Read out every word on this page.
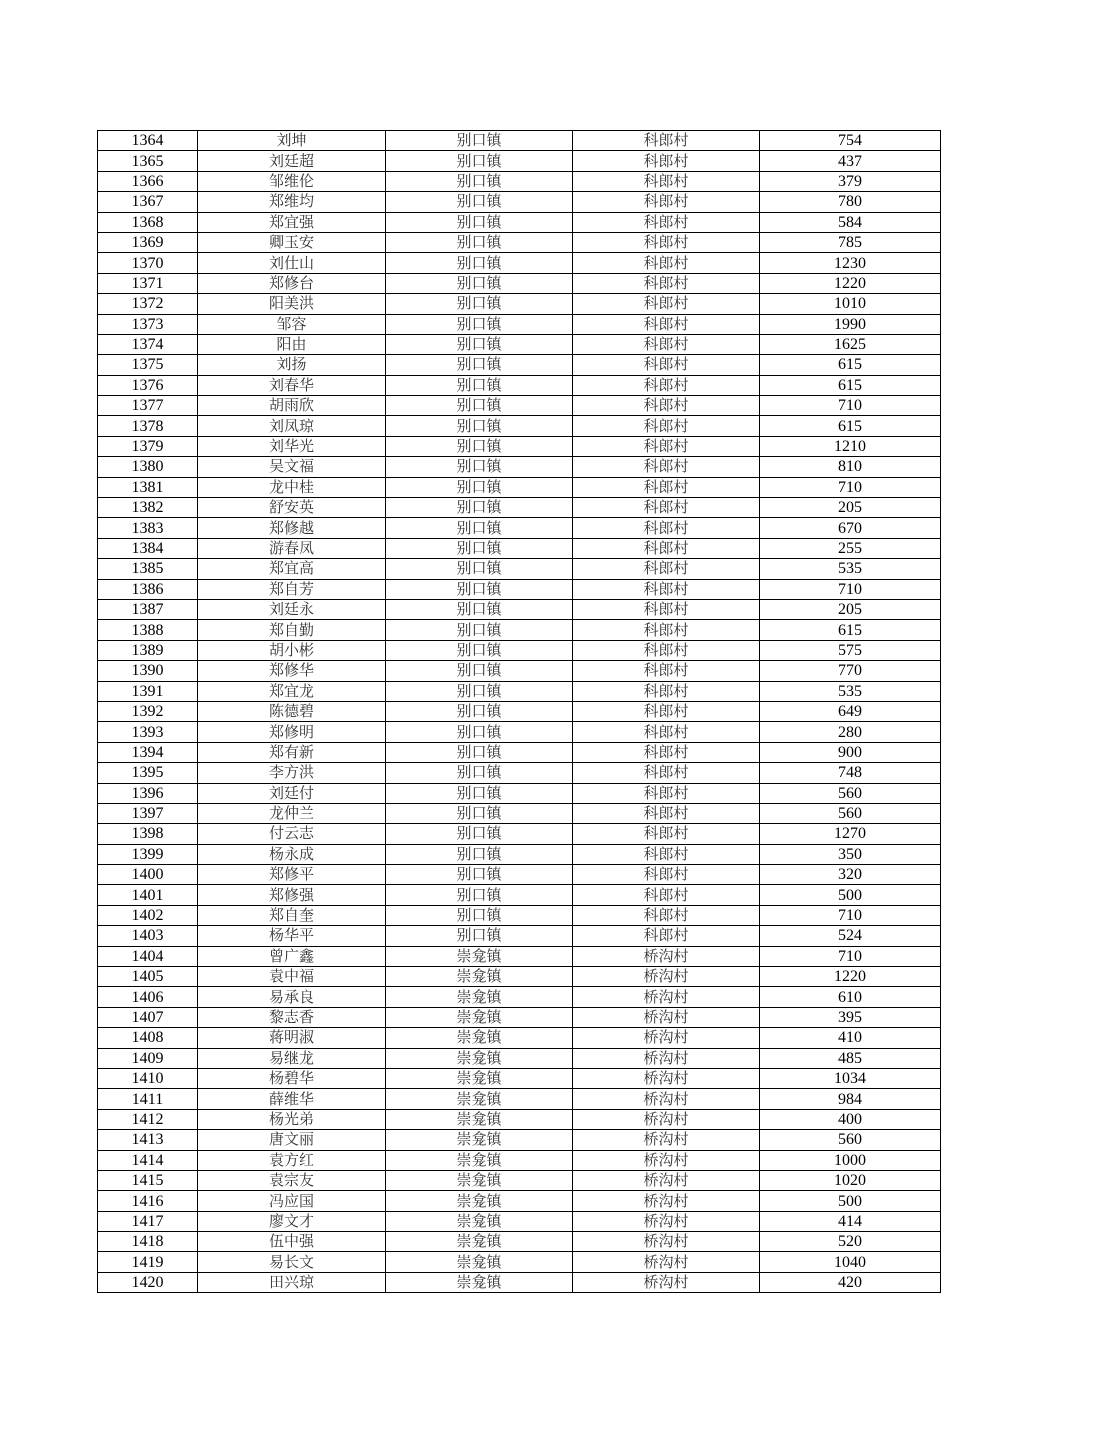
1364	刘坤	别口镇	科郎村	754
1365	刘廷超	别口镇	科郎村	437
1366	邹维伦	别口镇	科郎村	379
1367	郑维均	别口镇	科郎村	780
1368	郑宜强	别口镇	科郎村	584
1369	卿玉安	别口镇	科郎村	785
1370	刘仕山	别口镇	科郎村	1230
1371	郑修台	别口镇	科郎村	1220
1372	阳美洪	别口镇	科郎村	1010
1373	邹容	别口镇	科郎村	1990
1374	阳由	别口镇	科郎村	1625
1375	刘扬	别口镇	科郎村	615
1376	刘春华	别口镇	科郎村	615
1377	胡雨欣	别口镇	科郎村	710
1378	刘凤琼	别口镇	科郎村	615
1379	刘华光	别口镇	科郎村	1210
1380	吴文福	别口镇	科郎村	810
1381	龙中桂	别口镇	科郎村	710
1382	舒安英	别口镇	科郎村	205
1383	郑修越	别口镇	科郎村	670
1384	游春凤	别口镇	科郎村	255
1385	郑宜高	别口镇	科郎村	535
1386	郑自芳	别口镇	科郎村	710
1387	刘廷永	别口镇	科郎村	205
1388	郑自勤	别口镇	科郎村	615
1389	胡小彬	别口镇	科郎村	575
1390	郑修华	别口镇	科郎村	770
1391	郑宜龙	别口镇	科郎村	535
1392	陈德碧	别口镇	科郎村	649
1393	郑修明	别口镇	科郎村	280
1394	郑有新	别口镇	科郎村	900
1395	李方洪	别口镇	科郎村	748
1396	刘廷付	别口镇	科郎村	560
1397	龙仲兰	别口镇	科郎村	560
1398	付云志	别口镇	科郎村	1270
1399	杨永成	别口镇	科郎村	350
1400	郑修平	别口镇	科郎村	320
1401	郑修强	别口镇	科郎村	500
1402	郑自奎	别口镇	科郎村	710
1403	杨华平	别口镇	科郎村	524
1404	曾广鑫	崇龛镇	桥沟村	710
1405	袁中福	崇龛镇	桥沟村	1220
1406	易承良	崇龛镇	桥沟村	610
1407	黎志香	崇龛镇	桥沟村	395
1408	蒋明淑	崇龛镇	桥沟村	410
1409	易继龙	崇龛镇	桥沟村	485
1410	杨碧华	崇龛镇	桥沟村	1034
1411	薛维华	崇龛镇	桥沟村	984
1412	杨光弟	崇龛镇	桥沟村	400
1413	唐文丽	崇龛镇	桥沟村	560
1414	袁方红	崇龛镇	桥沟村	1000
1415	袁宗友	崇龛镇	桥沟村	1020
1416	冯应国	崇龛镇	桥沟村	500
1417	廖文才	崇龛镇	桥沟村	414
1418	伍中强	崇龛镇	桥沟村	520
1419	易长文	崇龛镇	桥沟村	1040
1420	田兴琼	崇龛镇	桥沟村	420
